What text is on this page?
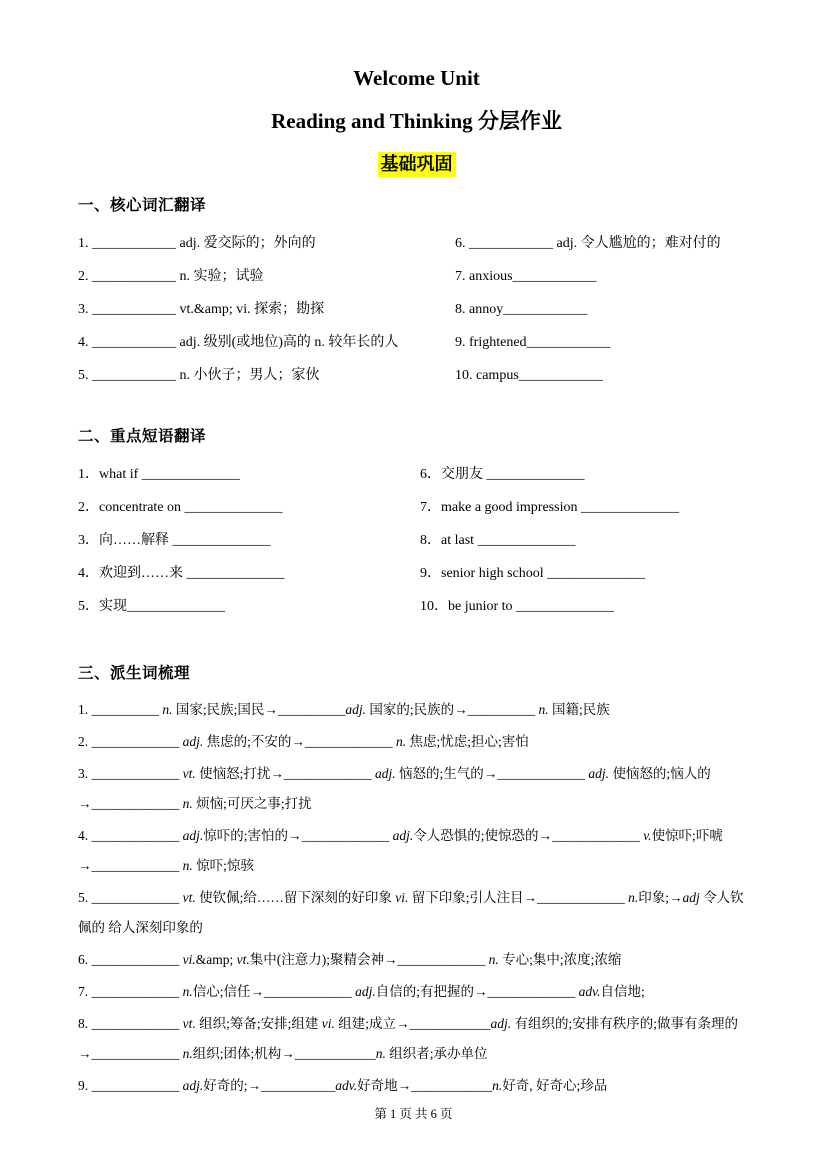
Welcome Unit
Reading and Thinking 分层作业
基础巩固
一、核心词汇翻译
1. ____________ adj. 爱交际的；外向的
2. ____________ n. 实验；试验
3. ____________ vt.&amp; vi. 探索；勘探
4. ____________ adj. 级别(或地位)高的 n. 较年长的人
5. ____________ n. 小伙子；男人；家伙
6. ____________ adj. 令人尴尬的；难对付的
7. anxious____________
8. annoy____________
9. frightened____________
10. campus____________
二、重点短语翻译
1．what if ______________
2．concentrate on ______________
3．向……解释 ______________
4．欢迎到……来 ______________
5．实现______________
6．交朋友 ______________
7．make a good impression ______________
8．at last ______________
9．senior high school ______________
10．be junior to ______________
三、派生词梳理
1. __________ n. 国家;民族;国民→__________adj. 国家的;民族的→__________ n. 国籍;民族
2. _____________ adj. 焦虑的;不安的→_____________ n. 焦虑;忧虑;担心;害怕
3. _____________ vt. 使恼怒;打扰→_____________ adj. 恼怒的;生气的→_____________ adj. 使恼怒的;恼人的→_____________ n. 烦恼;可厌之事;打扰
4. _____________ adj.惊吓的;害怕的→_____________ adj.令人恐惧的;使惊恐的→_____________ v.使惊吓;吓唬→_____________ n. 惊吓;惊骇
5. _____________ vt. 使钦佩;给……留下深刻的好印象 vi. 留下印象;引人注目→_____________ n.印象;→adj 令人钦佩的 给人深刻印象的
6. _____________ vi.&amp; vt.集中(注意力);聚精会神→_____________ n. 专心;集中;浓度;浓缩
7. _____________ n.信心;信任→_____________ adj.自信的;有把握的→_____________ adv.自信地;
8. _____________ vt. 组织;筹备;安排;组建 vi. 组建;成立→____________adj. 有组织的;安排有秩序的;做事有条理的→_____________ n.组织;团体;机构→____________n. 组织者;承办单位
9. _____________ adj.好奇的;→___________adv.好奇地→____________n.好奇, 好奇心;珍品
第 1 页 共 6 页
